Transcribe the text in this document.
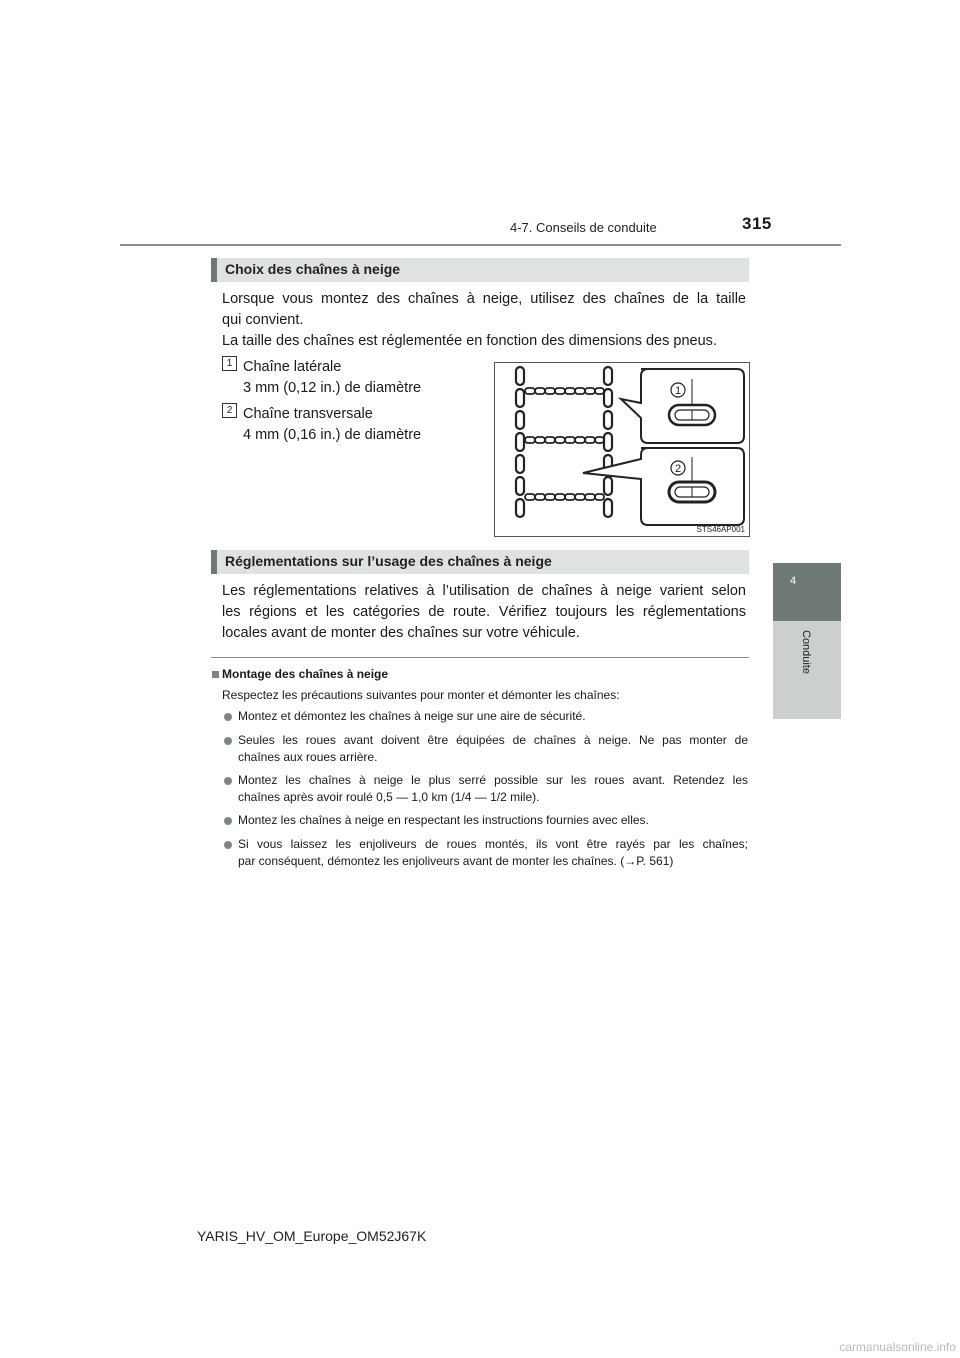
4-7. Conseils de conduite	315
4
Conduite
Choix des chaînes à neige
Lorsque vous montez des chaînes à neige, utilisez des chaînes de la taille
qui convient.
La taille des chaînes est réglementée en fonction des dimensions des pneus.
1 Chaîne latérale
3 mm (0,12 in.) de diamètre
2 Chaîne transversale
4 mm (0,16 in.) de diamètre
1
2
STS46AP001
Réglementations sur l’usage des chaînes à neige
Les réglementations relatives à l’utilisation de chaînes à neige varient selon
les régions et les catégories de route. Vérifiez toujours les réglementations
locales avant de monter des chaînes sur votre véhicule.
Montage des chaînes à neige
Respectez les précautions suivantes pour monter et démonter les chaînes:
Montez et démontez les chaînes à neige sur une aire de sécurité.
Seules les roues avant doivent être équipées de chaînes à neige. Ne pas monter de
chaînes aux roues arrière.
Montez les chaînes à neige le plus serré possible sur les roues avant. Retendez les
chaînes après avoir roulé 0,5 — 1,0 km (1/4 — 1/2 mile).
Montez les chaînes à neige en respectant les instructions fournies avec elles.
Si vous laissez les enjoliveurs de roues montés, ils vont être rayés par les chaînes;
par conséquent, démontez les enjoliveurs avant de monter les chaînes. (→P. 561)
YARIS_HV_OM_Europe_OM52J67K
carmanualsonline.info
